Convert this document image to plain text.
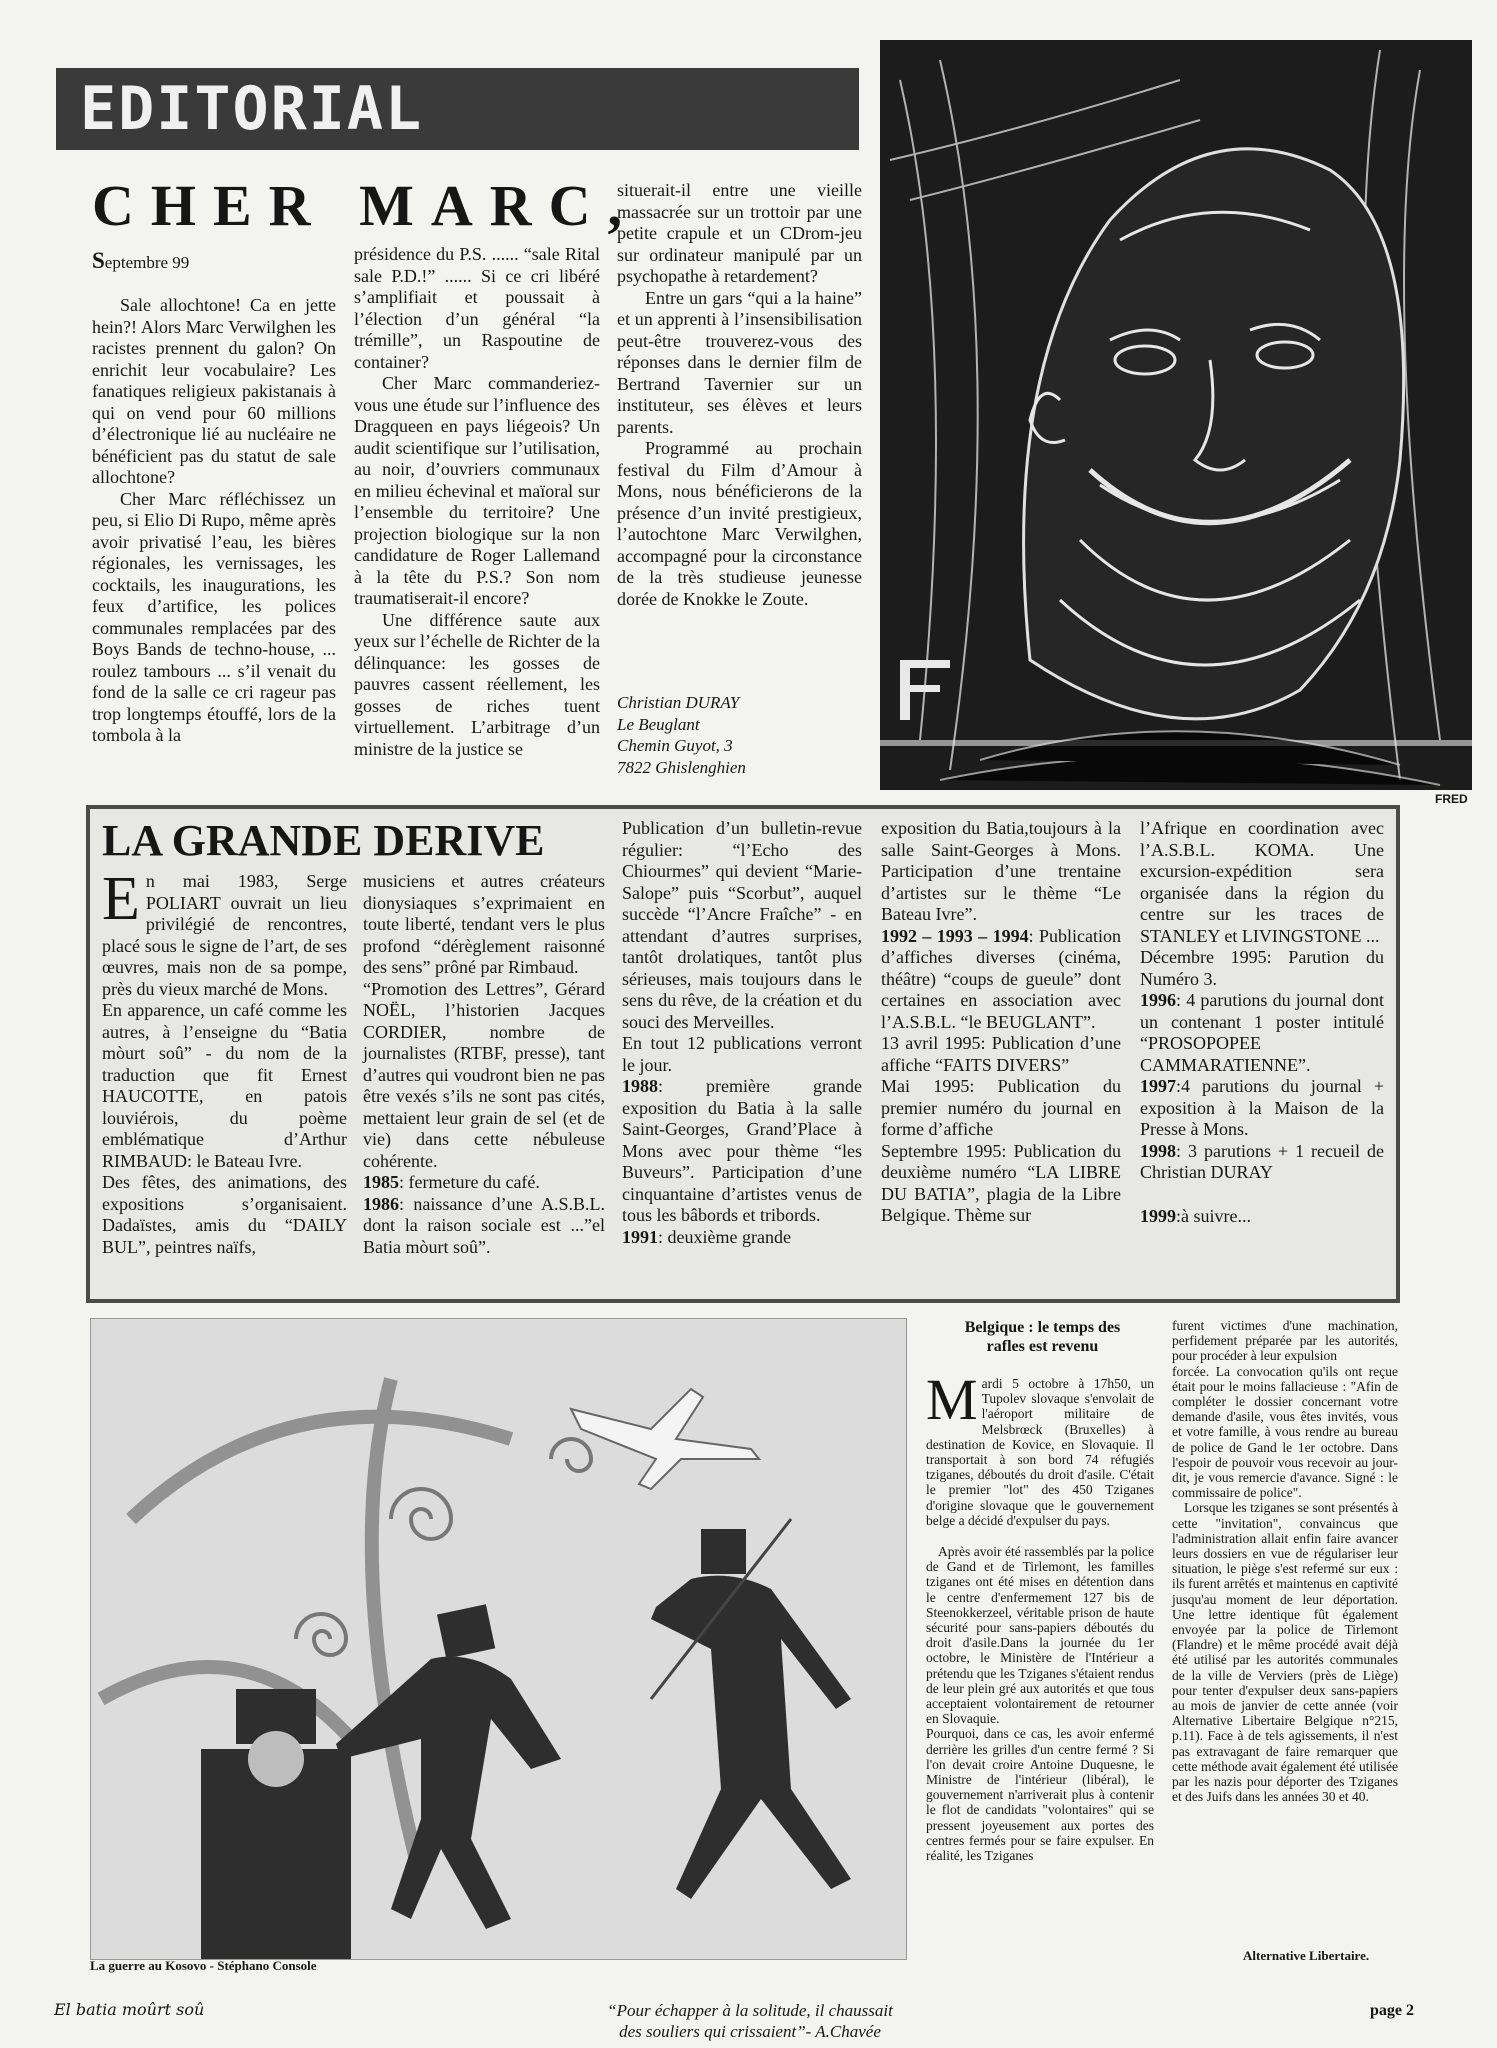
EDITORIAL
CHER MARC,
Septembre 99

Sale allochtone! Ca en jette hein?! Alors Marc Verwilghen les racistes prennent du galon? On enrichit leur vocabulaire? Les fanatiques religieux pakistanais à qui on vend pour 60 millions d’électronique lié au nucléaire ne bénéficient pas du statut de sale allochtone?

Cher Marc réfléchissez un peu, si Elio Di Rupo, même après avoir privatisé l’eau, les bières régionales, les vernissages, les cocktails, les inaugurations, les feux d’artifice, les polices communales remplacées par des Boys Bands de techno-house, ... roulez tambours ... s’il venait du fond de la salle ce cri rageur pas trop longtemps étouffé, lors de la tombola à la

présidence du P.S. ...... “sale Rital sale P.D.!” ...... Si ce cri libéré s’amplifiait et poussait à l’élection d’un général “la trémille”, un Raspoutine de container?

Cher Marc commanderiez-vous une étude sur l’influence des Dragqueen en pays liégeois? Un audit scientifique sur l’utilisation, au noir, d’ouvriers communaux en milieu échevinal et maïoral sur l’ensemble du territoire? Une projection biologique sur la non candidature de Roger Lallemand à la tête du P.S.? Son nom traumatiserait-il encore?

Une différence saute aux yeux sur l’échelle de Richter de la délinquance: les gosses de pauvres cassent réellement, les gosses de riches tuent virtuellement. L’arbitrage d’un ministre de la justice se

situerait-il entre une vieille massacrée sur un trottoir par une petite crapule et un CDrom-jeu sur ordinateur manipulé par un psychopathe à retardement?

Entre un gars “qui a la haine” et un apprenti à l’insensibilisation peut-être trouverez-vous des réponses dans le dernier film de Bertrand Tavernier sur un instituteur, ses élèves et leurs parents.

Programmé au prochain festival du Film d’Amour à Mons, nous bénéficierons de la présence d’un invité prestigieux, l’autochtone Marc Verwilghen, accompagné pour la circonstance de la très studieuse jeunesse dorée de Knokke le Zoute.

Christian DURAY
Le Beuglant
Chemin Guyot, 3
7822 Ghislenghien
FRED
LA GRANDE DERIVE

En mai 1983, Serge POLIART ouvrait un lieu privilégié de rencontres, placé sous le signe de l’art, de ses œuvres, mais non de sa pompe, près du vieux marché de Mons.

En apparence, un café comme les autres, à l’enseigne du “Batia mòurt soû” - du nom de la traduction que fit Ernest HAUCOTTE, en patois louviérois, du poème emblématique d’Arthur RIMBAUD: le Bateau Ivre.

Des fêtes, des animations, des expositions s’organisaient. Dadaïstes, amis du “DAILY BUL”, peintres naïfs,

musiciens et autres créateurs dionysiaques s’exprimaient en toute liberté, tendant vers le plus profond “dérèglement raisonné des sens” prôné par Rimbaud.

“Promotion des Lettres”, Gérard NOËL, l’historien Jacques CORDIER, nombre de journalistes (RTBF, presse), tant d’autres qui voudront bien ne pas être vexés s’ils ne sont pas cités, mettaient leur grain de sel (et de vie) dans cette nébuleuse cohérente.

1985: fermeture du café.

1986: naissance d’une A.S.B.L. dont la raison sociale est ...”el Batia mòurt soû”.

Publication d’un bulletin-revue régulier: “l’Echo des Chiourmes” qui devient “Marie-Salope” puis “Scorbut”, auquel succède “l’Ancre Fraîche” - en attendant d’autres surprises, tantôt drolatiques, tantôt plus sérieuses, mais toujours dans le sens du rêve, de la création et du souci des Merveilles.

En tout 12 publications verront le jour.

1988: première grande exposition du Batia à la salle Saint-Georges, Grand’Place à Mons avec pour thème “les Buveurs”. Participation d’une cinquantaine d’artistes venus de tous les bâbords et tribords.

1991: deuxième grande

exposition du Batia,toujours à la salle Saint-Georges à Mons. Participation d’une trentaine d’artistes sur le thème “Le Bateau Ivre”.

1992 – 1993 – 1994: Publication d’affiches diverses (cinéma, théâtre) “coups de gueule” dont certaines en association avec l’A.S.B.L. “le BEUGLANT”.

13 avril 1995: Publication d’une affiche “FAITS DIVERS”

Mai 1995: Publication du premier numéro du journal en forme d’affiche

Septembre 1995: Publication du deuxième numéro “LA LIBRE DU BATIA”, plagia de la Libre Belgique. Thème sur

l’Afrique en coordination avec l’A.S.B.L. KOMA. Une excursion-expédition sera organisée dans la région du centre sur les traces de STANLEY et LIVINGSTONE ...

Décembre 1995: Parution du Numéro 3.

1996: 4 parutions du journal dont un contenant 1 poster intitulé “PROSOPOPEE CAMMARATIENNE”.

1997:4 parutions du journal + exposition à la Maison de la Presse à Mons.

1998: 3 parutions + 1 recueil de Christian DURAY

1999:à suivre...

La guerre au Kosovo - Stéphano Console
Belgique : le temps des
rafles est revenu

Mardi 5 octobre à 17h50, un Tupolev slovaque s'envolait de l'aéroport militaire de Melsbrœck (Bruxelles) à destination de Kovice, en Slovaquie. Il transportait à son bord 74 réfugiés tziganes, déboutés du droit d'asile. C'était le premier "lot" des 450 Tziganes d'origine slovaque que le gouvernement belge a décidé d'expulser du pays.

Après avoir été rassemblés par la police de Gand et de Tirlemont, les familles tziganes ont été mises en détention dans le centre d'enfermement 127 bis de Steenokkerzeel, véritable prison de haute sécurité pour sans-papiers déboutés du droit d'asile.Dans la journée du 1er octobre, le Ministère de l'Intérieur a prétendu que les Tziganes s'étaient rendus de leur plein gré aux autorités et que tous acceptaient volontairement de retourner en Slovaquie.

Pourquoi, dans ce cas, les avoir enfermé derrière les grilles d'un centre fermé ? Si l'on devait croire Antoine Duquesne, le Ministre de l'intérieur (libéral), le gouvernement n'arriverait plus à contenir le flot de candidats "volontaires" qui se pressent joyeusement aux portes des centres fermés pour se faire expulser. En réalité, les Tziganes

furent victimes d'une machination, perfidement préparée par les autorités, pour procéder à leur expulsion

forcée. La convocation qu'ils ont reçue était pour le moins fallacieuse : "Afin de compléter le dossier concernant votre demande d'asile, vous êtes invités, vous et votre famille, à vous rendre au bureau de police de Gand le 1er octobre. Dans l'espoir de pouvoir vous recevoir au jour- dit, je vous remercie d'avance. Signé : le commissaire de police".

Lorsque les tziganes se sont présentés à cette "invitation", convaincus que l'administration allait enfin faire avancer leurs dossiers en vue de régulariser leur situation, le piège s'est refermé sur eux : ils furent arrêtés et maintenus en captivité jusqu'au moment de leur déportation. Une lettre identique fût également envoyée par la police de Tirlemont (Flandre) et le même procédé avait déjà été utilisé par les autorités communales de la ville de Verviers (près de Liège) pour tenter d'expulser deux sans-papiers au mois de janvier de cette année (voir Alternative Libertaire Belgique n°215, p.11). Face à de tels agissements, il n'est pas extravagant de faire remarquer que cette méthode avait également été utilisée par les nazis pour déporter des Tziganes et des Juifs dans les années 30 et 40.

Alternative Libertaire.
El batia moûrt soû	“Pour échapper à la solitude, il chaussait
des souliers qui crissaient”- A.Chavée
page 2
